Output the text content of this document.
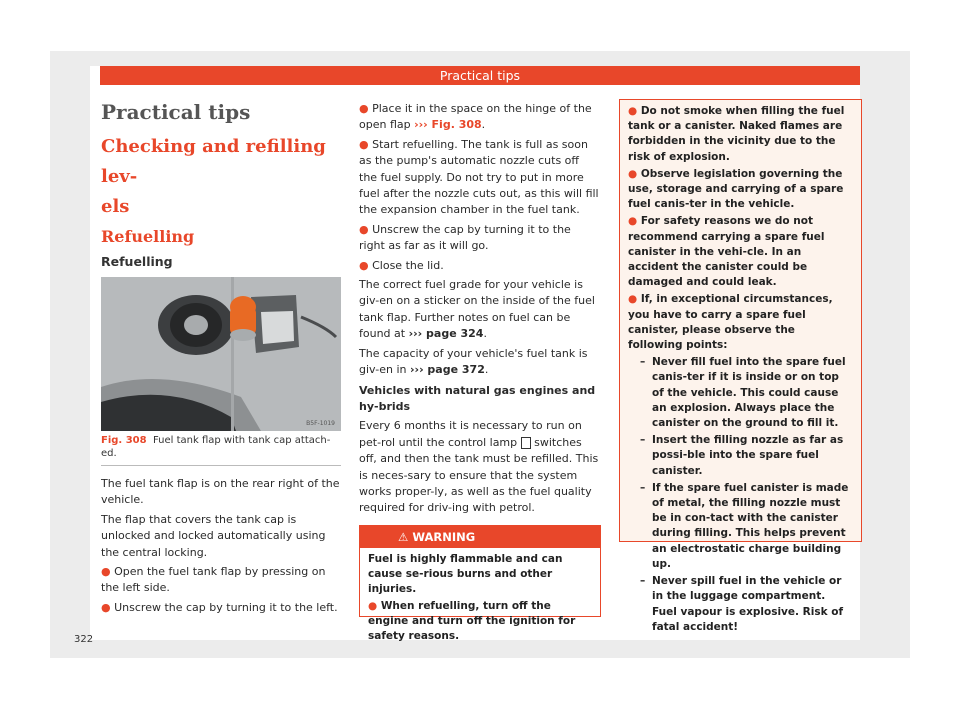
Practical tips
Practical tips
Checking and refilling lev-
els
Refuelling
Refuelling
B5F-1019
Fig. 308 Fuel tank flap with tank cap attach-
ed.

The fuel tank flap is on the rear right of the vehicle.

The flap that covers the tank cap is unlocked and locked automatically using the central locking.

● Open the fuel tank flap by pressing on the left side.

● Unscrew the cap by turning it to the left.

● Place it in the space on the hinge of the open flap ››› Fig. 308.

● Start refuelling. The tank is full as soon as the pump's automatic nozzle cuts off the fuel supply. Do not try to put in more fuel after the nozzle cuts out, as this will fill the expansion chamber in the fuel tank.

● Unscrew the cap by turning it to the right as far as it will go.

● Close the lid.

The correct fuel grade for your vehicle is giv-en on a sticker on the inside of the fuel tank flap. Further notes on fuel can be found at ››› page 324.

The capacity of your vehicle's fuel tank is giv-en in ››› page 372.

Vehicles with natural gas engines and hy-brids

Every 6 months it is necessary to run on pet-rol until the control lamp switches off, and then the tank must be refilled. This is neces-sary to ensure that the system works proper-ly, as well as the fuel quality required for driv-ing with petrol.

⚠ WARNING
Fuel is highly flammable and can cause se-rious burns and other injuries.
● When refuelling, turn off the engine and turn off the ignition for safety reasons.

● Do not smoke when filling the fuel tank or a canister. Naked flames are forbidden in the vicinity due to the risk of explosion.

● Observe legislation governing the use, storage and carrying of a spare fuel canis-ter in the vehicle.

● For safety reasons we do not recommend carrying a spare fuel canister in the vehi-cle. In an accident the canister could be damaged and could leak.

● If, in exceptional circumstances, you have to carry a spare fuel canister, please observe the following points:

– Never fill fuel into the spare fuel canis-ter if it is inside or on top of the vehicle. This could cause an explosion. Always place the canister on the ground to fill it.
– Insert the filling nozzle as far as possi-ble into the spare fuel canister.
– If the spare fuel canister is made of metal, the filling nozzle must be in con-tact with the canister during filling. This helps prevent an electrostatic charge building up.
– Never spill fuel in the vehicle or in the luggage compartment. Fuel vapour is explosive. Risk of fatal accident!
322
